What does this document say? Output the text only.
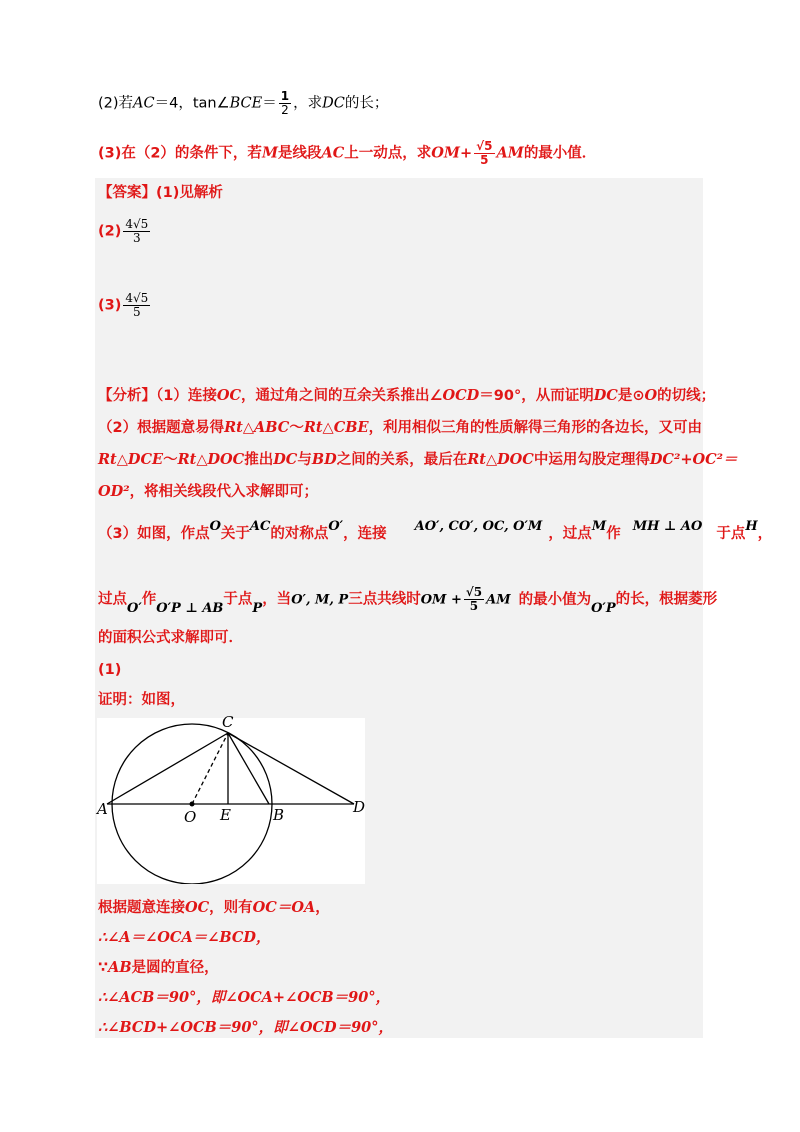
(2)若AC＝4，tan∠BCE＝ $\frac{1}{2}$ ，求DC的长；
(3)在（2）的条件下，若M是线段AC上一动点，求$OM+ \frac{√5}{5}$ AM的最小值．
【答案】(1)见解析
$(2) \frac{4√5}{3}$
$(3) \frac{4√5}{5}$
【分析】（1）连接OC，通过角之间的互余关系推出∠OCD＝90°，从而证明DC是⊙O的切线；
（2）根据题意易得Rt△ABC～Rt△CBE，利用相似三角的性质解得三角形的各边长，又可由
Rt△DCE～Rt△DOC推出DC与BD之间的关系，最后在Rt△DOC中运用勾股定理得DC²+OC²＝
OD²，将相关线段代入求解即可；
（3）如图，作点O关于AC的对称点O′，连接 AO′, CO′, OC, O′M ，过点M作 MH ⊥ AO 于点H，
过点O′作O′P ⊥ AB于点P，当O′, M, P三点共线时OM + $\frac{√5}{5}$ AM 的最小值为O′P的长，根据菱形
的面积公式求解即可．
(1)
证明：如图，
C
A	O E	B	D
根据题意连接OC，则有OC＝OA，
∴∠A＝∠OCA＝∠BCD，
∵AB是圆的直径，
∴∠ACB＝90°，即∠OCA+∠OCB＝90°，
∴∠BCD+∠OCB＝90°，即∠OCD＝90°，
